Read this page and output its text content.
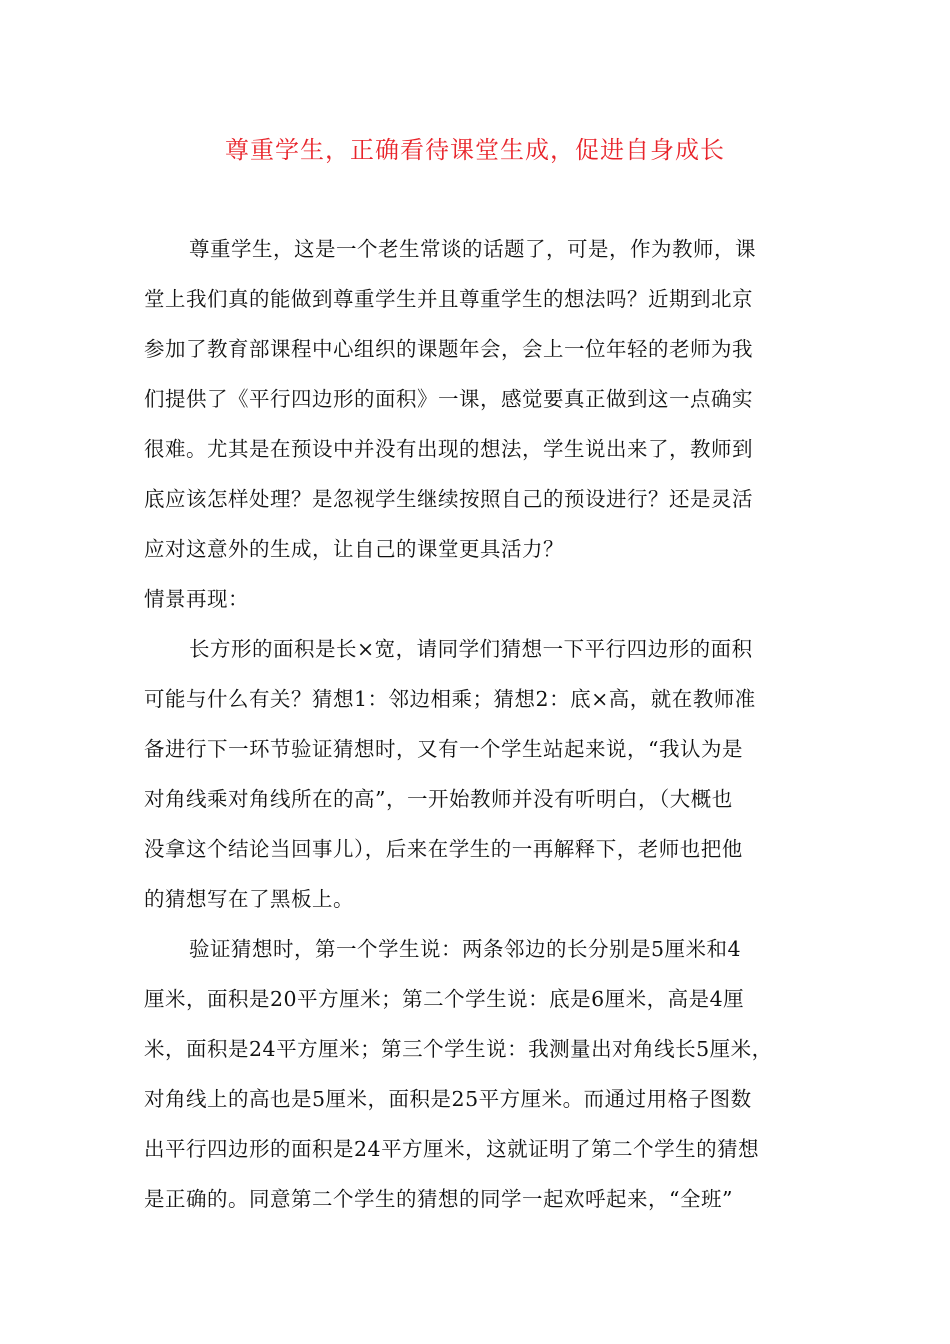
尊重学生，正确看待课堂生成，促进自身成长

尊重学生，这是一个老生常谈的话题了，可是，作为教师，课

堂上我们真的能做到尊重学生并且尊重学生的想法吗？近期到北京

参加了教育部课程中心组织的课题年会，会上一位年轻的老师为我

们提供了《平行四边形的面积》一课，感觉要真正做到这一点确实

很难。尤其是在预设中并没有出现的想法，学生说出来了，教师到

底应该怎样处理？是忽视学生继续按照自己的预设进行？还是灵活

应对这意外的生成，让自己的课堂更具活力？

情景再现：

长方形的面积是长×宽，请同学们猜想一下平行四边形的面积

可能与什么有关？猜想1：邻边相乘；猜想2：底×高，就在教师准

备进行下一环节验证猜想时，又有一个学生站起来说，“我认为是

对角线乘对角线所在的高”，一开始教师并没有听明白，（大概也

没拿这个结论当回事儿），后来在学生的一再解释下，老师也把他

的猜想写在了黑板上。

验证猜想时，第一个学生说：两条邻边的长分别是5厘米和4

厘米，面积是20平方厘米；第二个学生说：底是6厘米，高是4厘

米，面积是24平方厘米；第三个学生说：我测量出对角线长5厘米，

对角线上的高也是5厘米，面积是25平方厘米。而通过用格子图数

出平行四边形的面积是24平方厘米，这就证明了第二个学生的猜想

是正确的。同意第二个学生的猜想的同学一起欢呼起来，“全班”
